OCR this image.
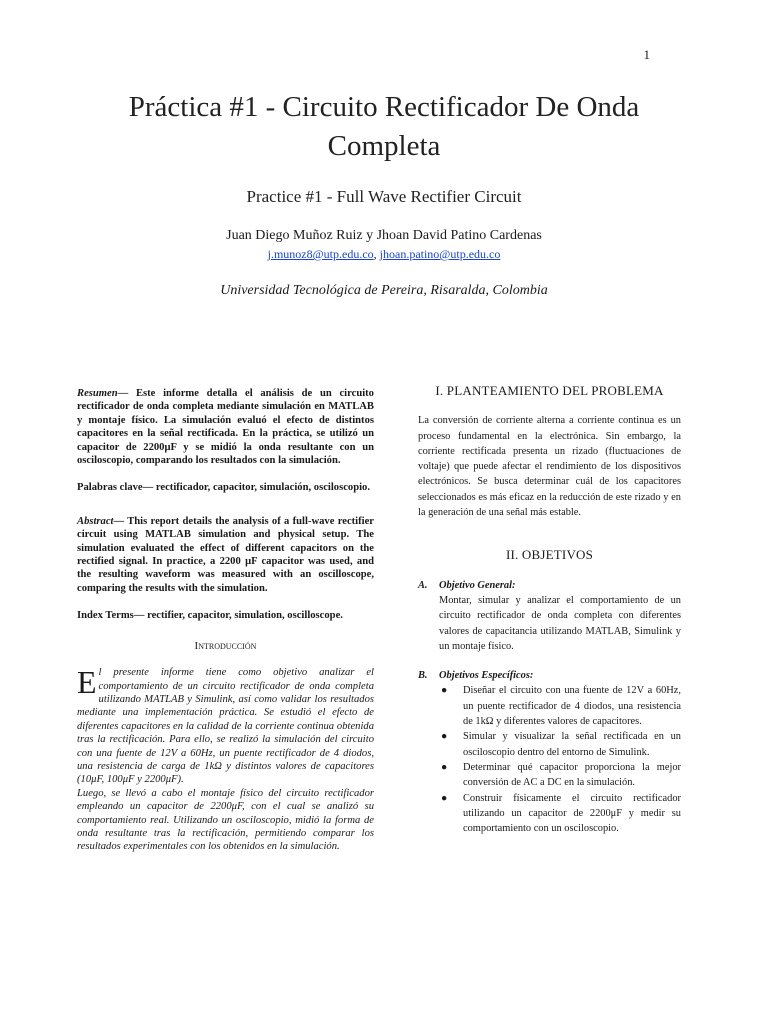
1
Práctica #1 - Circuito Rectificador De Onda Completa
Practice #1 - Full Wave Rectifier Circuit
Juan Diego Muñoz Ruiz y Jhoan David Patino Cardenas
j.munoz8@utp.edu.co, jhoan.patino@utp.edu.co
Universidad Tecnológica de Pereira, Risaralda, Colombia

Resumen— Este informe detalla el análisis de un circuito rectificador de onda completa mediante simulación en MATLAB y montaje físico. La simulación evaluó el efecto de distintos capacitores en la señal rectificada. En la práctica, se utilizó un capacitor de 2200μF y se midió la onda resultante con un osciloscopio, comparando los resultados con la simulación.

Palabras clave— rectificador, capacitor, simulación, osciloscopio.

Abstract— This report details the analysis of a full-wave rectifier circuit using MATLAB simulation and physical setup. The simulation evaluated the effect of different capacitors on the rectified signal. In practice, a 2200 μF capacitor was used, and the resulting waveform was measured with an oscilloscope, comparing the results with the simulation.

Index Terms— rectifier, capacitor, simulation, oscilloscope.

Introducción

El presente informe tiene como objetivo analizar el comportamiento de un circuito rectificador de onda completa utilizando MATLAB y Simulink, así como validar los resultados mediante una implementación práctica. Se estudió el efecto de diferentes capacitores en la calidad de la corriente continua obtenida tras la rectificación. Para ello, se realizó la simulación del circuito con una fuente de 12V a 60Hz, un puente rectificador de 4 diodos, una resistencia de carga de 1kΩ y distintos valores de capacitores (10μF, 100μF y 2200μF).

Luego, se llevó a cabo el montaje físico del circuito rectificador empleando un capacitor de 2200μF, con el cual se analizó su comportamiento real. Utilizando un osciloscopio, midió la forma de onda resultante tras la rectificación, permitiendo comparar los resultados experimentales con los obtenidos en la simulación.

I. PLANTEAMIENTO DEL PROBLEMA

La conversión de corriente alterna a corriente continua es un proceso fundamental en la electrónica. Sin embargo, la corriente rectificada presenta un rizado (fluctuaciones de voltaje) que puede afectar el rendimiento de los dispositivos electrónicos. Se busca determinar cuál de los capacitores seleccionados es más eficaz en la reducción de este rizado y en la generación de una señal más estable.

II. OBJETIVOS

A. Objetivo General:

Montar, simular y analizar el comportamiento de un circuito rectificador de onda completa con diferentes valores de capacitancia utilizando MATLAB, Simulink y un montaje físico.

B. Objetivos Específicos:

● Diseñar el circuito con una fuente de 12V a 60Hz, un puente rectificador de 4 diodos, una resistencia de 1kΩ y diferentes valores de capacitores.
● Simular y visualizar la señal rectificada en un osciloscopio dentro del entorno de Simulink.
● Determinar qué capacitor proporciona la mejor conversión de AC a DC en la simulación.
● Construir físicamente el circuito rectificador utilizando un capacitor de 2200μF y medir su comportamiento con un osciloscopio.
